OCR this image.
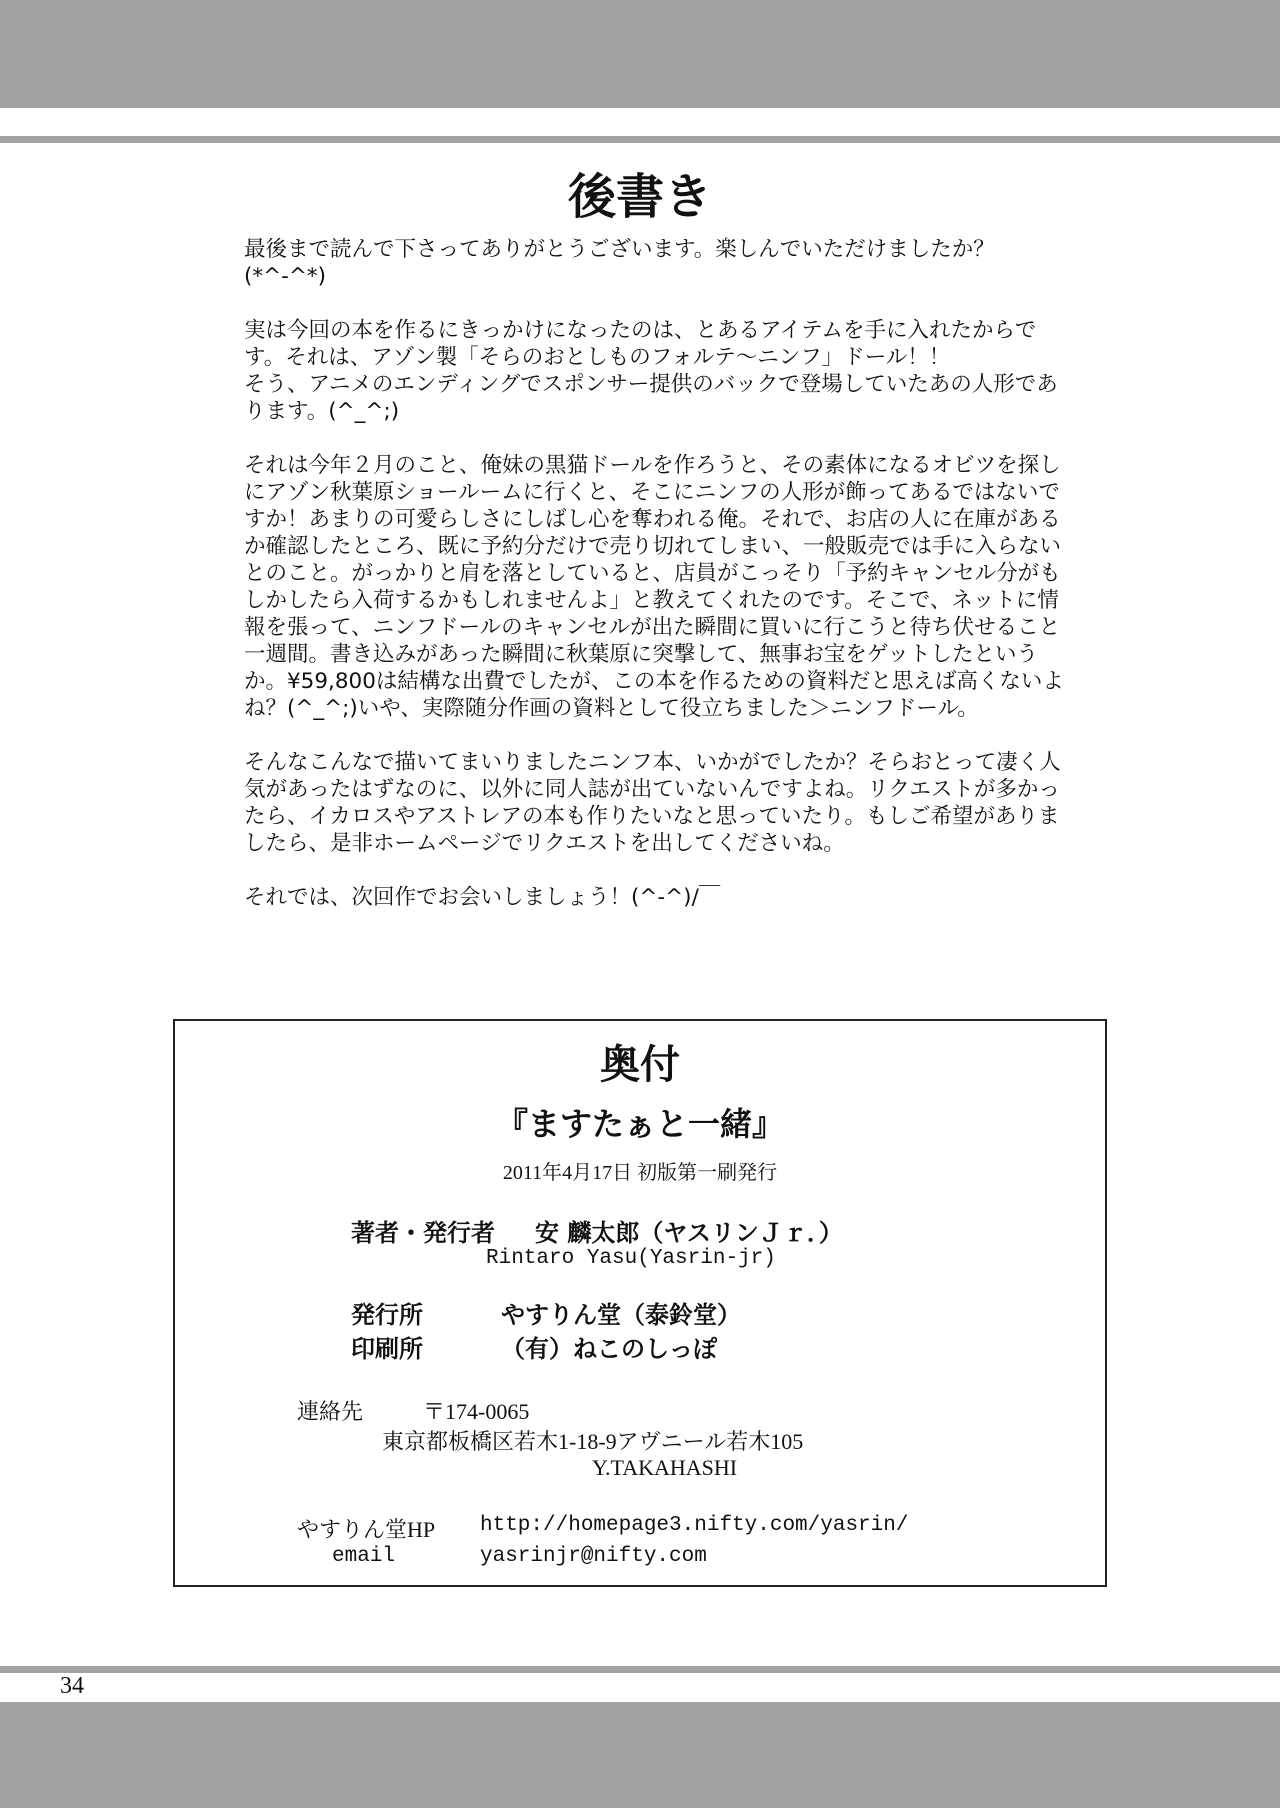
後書き

最後まで読んで下さってありがとうございます。楽しんでいただけましたか？
(*^-^*)

実は今回の本を作るにきっかけになったのは、とあるアイテムを手に入れたからです。それは、アゾン製「そらのおとしものフォルテ〜ニンフ」ドール！！
そう、アニメのエンディングでスポンサー提供のバックで登場していたあの人形であります。(^_^;)

それは今年２月のこと、俺妹の黒猫ドールを作ろうと、その素体になるオビツを探しにアゾン秋葉原ショールームに行くと、そこにニンフの人形が飾ってあるではないですか！あまりの可愛らしさにしばし心を奪われる俺。それで、お店の人に在庫があるか確認したところ、既に予約分だけで売り切れてしまい、一般販売では手に入らないとのこと。がっかりと肩を落としていると、店員がこっそり「予約キャンセル分がもしかしたら入荷するかもしれませんよ」と教えてくれたのです。そこで、ネットに情報を張って、ニンフドールのキャンセルが出た瞬間に買いに行こうと待ち伏せること一週間。書き込みがあった瞬間に秋葉原に突撃して、無事お宝をゲットしたというか。¥59,800は結構な出費でしたが、この本を作るための資料だと思えば高くないよね？(^_^;)いや、実際随分作画の資料として役立ちました＞ニンフドール。

そんなこんなで描いてまいりましたニンフ本、いかがでしたか？そらおとって凄く人気があったはずなのに、以外に同人誌が出ていないんですよね。リクエストが多かったら、イカロスやアストレアの本も作りたいなと思っていたり。もしご希望がありましたら、是非ホームページでリクエストを出してくださいね。

それでは、次回作でお会いしましょう！(^-^)/￣

奥付
『ますたぁと一緒』
2011年4月17日 初版第一刷発行
著者・発行者 安 麟太郎（ヤスリンＪｒ．）
Rintaro Yasu(Yasrin-jr)
発行所	やすりん堂（泰鈴堂）
印刷所	（有）ねこのしっぽ
連絡先	〒174-0065
東京都板橋区若木1-18-9アヴニール若木105
Y.TAKAHASHI
やすりん堂HP http://homepage3.nifty.com/yasrin/
email	yasrinjr@nifty.com
34
